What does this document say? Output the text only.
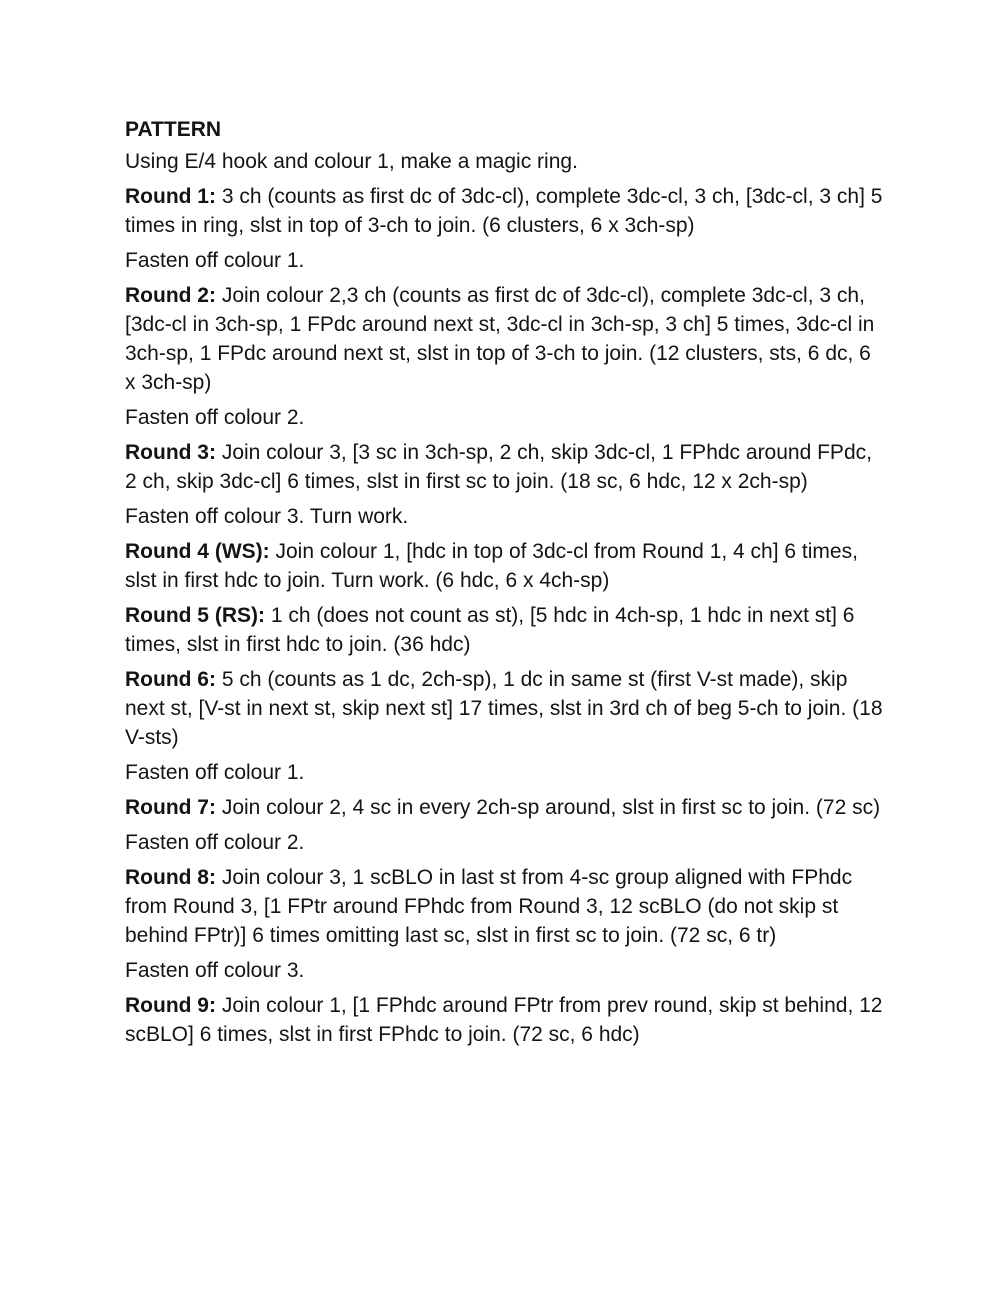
PATTERN
Using E/4 hook and colour 1, make a magic ring.
Round 1: 3 ch (counts as first dc of 3dc-cl), complete 3dc-cl, 3 ch, [3dc-cl, 3 ch] 5 times in ring, slst in top of 3-ch to join. (6 clusters, 6 x 3ch-sp)
Fasten off colour 1.
Round 2: Join colour 2,3 ch (counts as first dc of 3dc-cl), complete 3dc-cl, 3 ch, [3dc-cl in 3ch-sp, 1 FPdc around next st, 3dc-cl in 3ch-sp, 3 ch] 5 times, 3dc-cl in 3ch-sp, 1 FPdc around next st, slst in top of 3-ch to join. (12 clusters, sts, 6 dc, 6 x 3ch-sp)
Fasten off colour 2.
Round 3: Join colour 3, [3 sc in 3ch-sp, 2 ch, skip 3dc-cl, 1 FPhdc around FPdc, 2 ch, skip 3dc-cl] 6 times, slst in first sc to join. (18 sc, 6 hdc, 12 x 2ch-sp)
Fasten off colour 3. Turn work.
Round 4 (WS): Join colour 1, [hdc in top of 3dc-cl from Round 1, 4 ch] 6 times, slst in first hdc to join. Turn work. (6 hdc, 6 x 4ch-sp)
Round 5 (RS): 1 ch (does not count as st), [5 hdc in 4ch-sp, 1 hdc in next st] 6 times, slst in first hdc to join. (36 hdc)
Round 6: 5 ch (counts as 1 dc, 2ch-sp), 1 dc in same st (first V-st made), skip next st, [V-st in next st, skip next st] 17 times, slst in 3rd ch of beg 5-ch to join. (18 V-sts)
Fasten off colour 1.
Round 7: Join colour 2, 4 sc in every 2ch-sp around, slst in first sc to join. (72 sc)
Fasten off colour 2.
Round 8: Join colour 3, 1 scBLO in last st from 4-sc group aligned with FPhdc from Round 3, [1 FPtr around FPhdc from Round 3, 12 scBLO (do not skip st behind FPtr)] 6 times omitting last sc, slst in first sc to join. (72 sc, 6 tr)
Fasten off colour 3.
Round 9: Join colour 1, [1 FPhdc around FPtr from prev round, skip st behind, 12 scBLO] 6 times, slst in first FPhdc to join. (72 sc, 6 hdc)
